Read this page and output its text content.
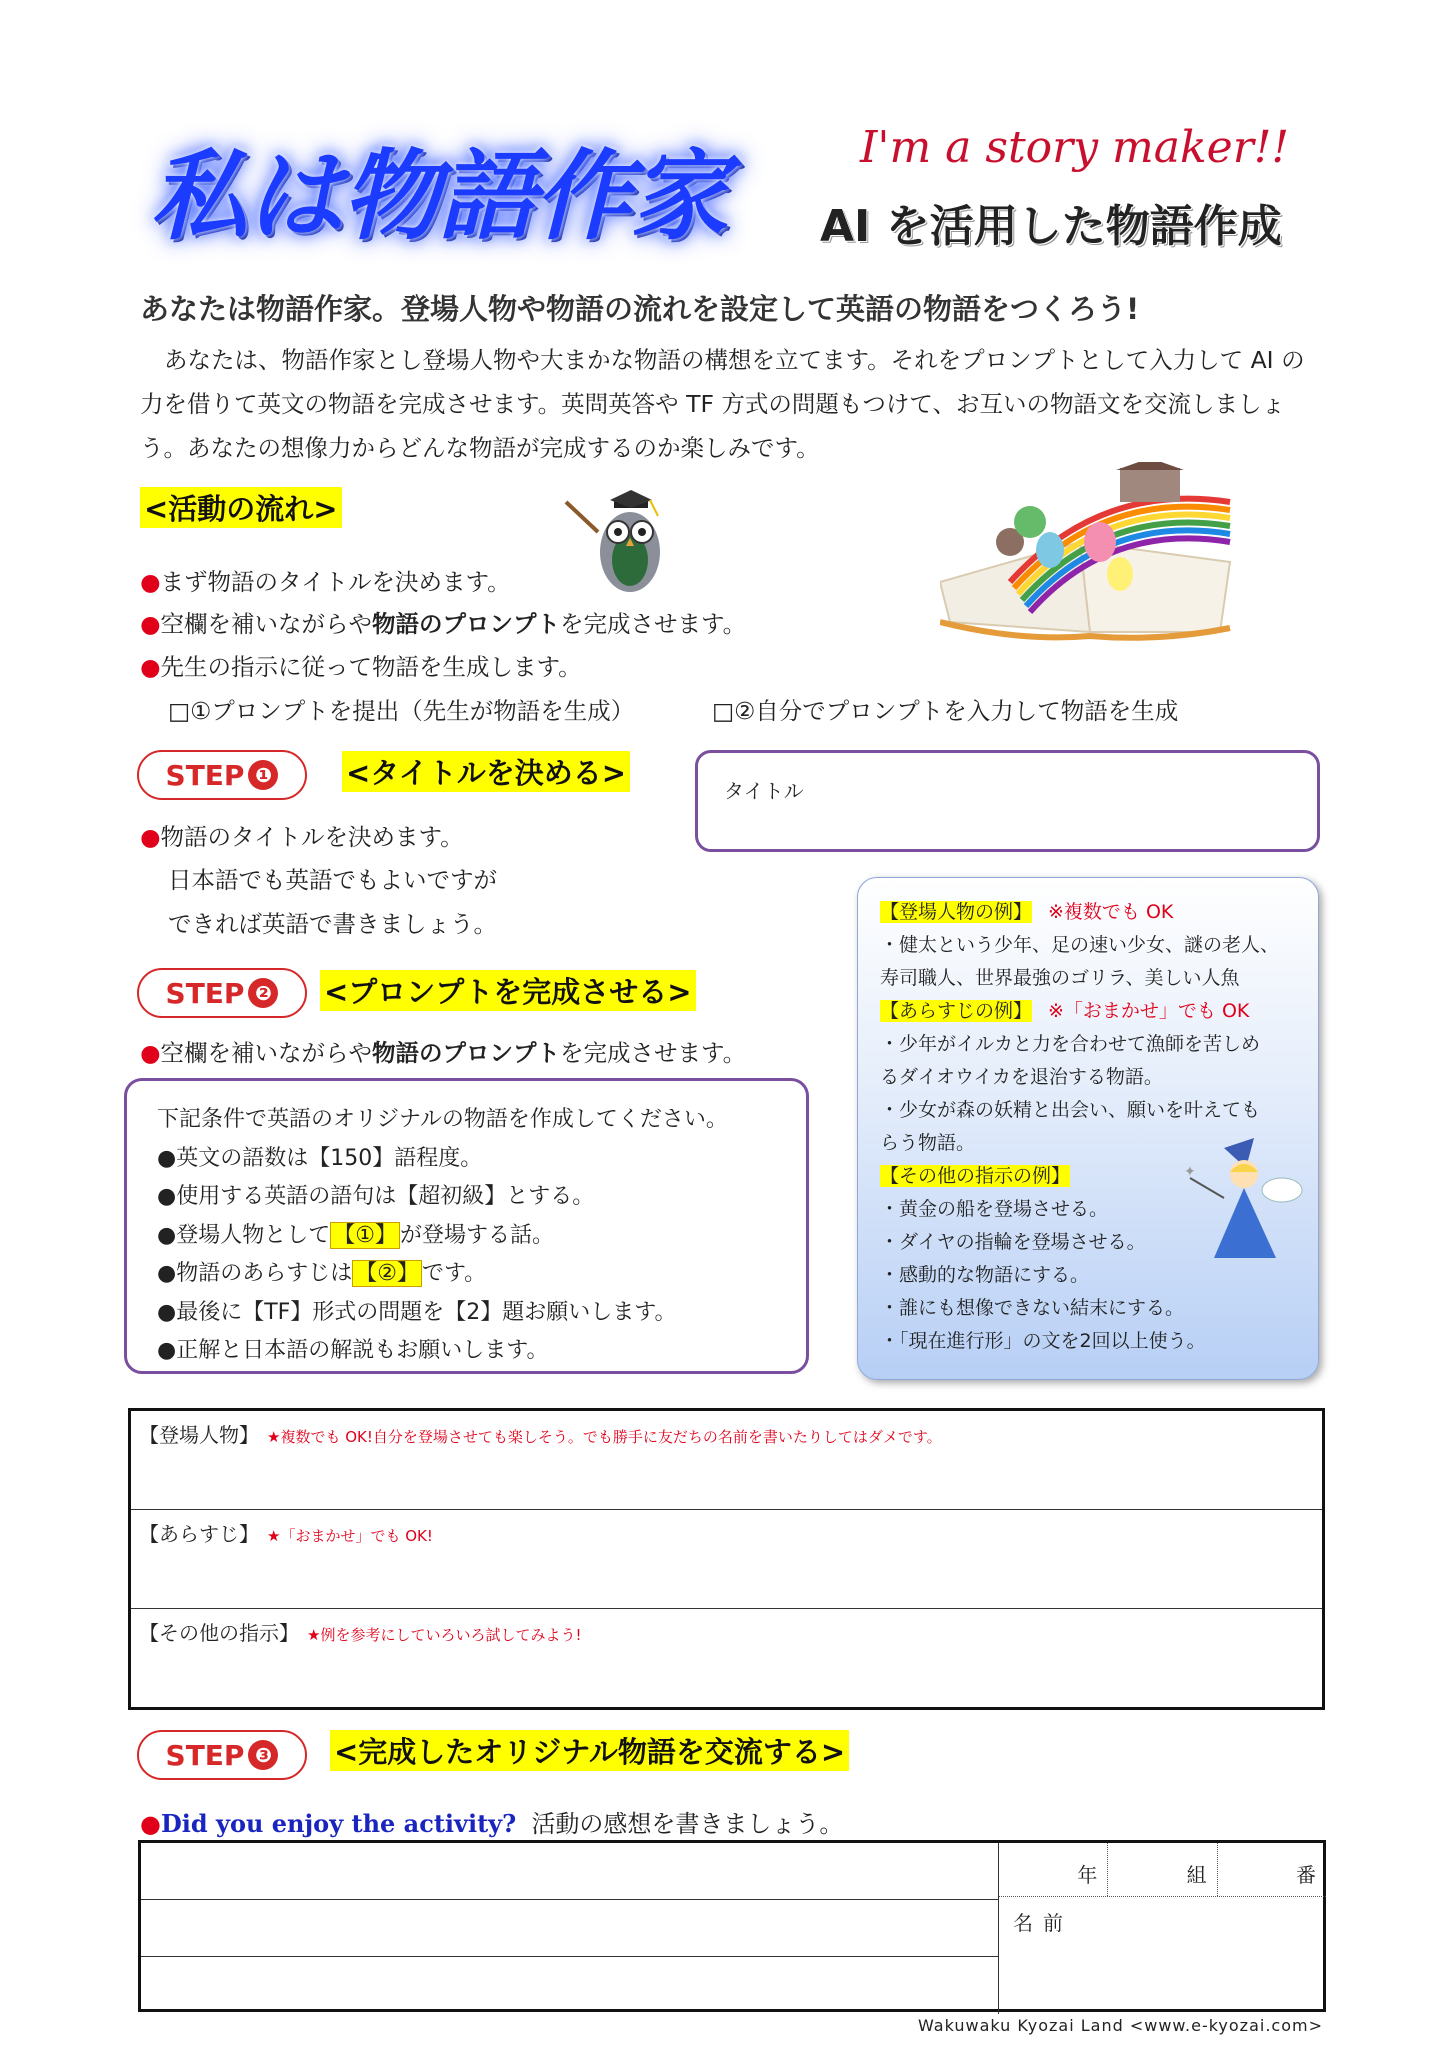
私は物語作家	I'm a story maker!!
AI を活用した物語作成
あなたは物語作家。登場人物や物語の流れを設定して英語の物語をつくろう!
あなたは、物語作家とし登場人物や大まかな物語の構想を立てます。それをプロンプトとして入力して AI の力を借りて英文の物語を完成させます。英問英答や TF 方式の問題もつけて、お互いの物語文を交流しましょう。あなたの想像力からどんな物語が完成するのか楽しみです。
<活動の流れ>
●まず物語のタイトルを決めます。
●空欄を補いながらや物語のプロンプトを完成させます。
●先生の指示に従って物語を生成します。
□①プロンプトを提出（先生が物語を生成）	□②自分でプロンプトを入力して物語を生成
STEP ❶	<タイトルを決める>
●物語のタイトルを決めます。
日本語でも英語でもよいですが
できれば英語で書きましょう。
タイトル
STEP ❷ <プロンプトを完成させる>
●空欄を補いながらや物語のプロンプトを完成させます。
下記条件で英語のオリジナルの物語を作成してください。
●英文の語数は【150】語程度。
●使用する英語の語句は【超初級】とする。
●登場人物として 【①】 が登場する話。
●物語のあらすじは 【②】 です。
●最後に【TF】形式の問題を【2】題お願いします。
●正解と日本語の解説もお願いします。
【登場人物の例】 ※複数でも OK
・健太という少年、足の速い少女、謎の老人、
寿司職人、世界最強のゴリラ、美しい人魚
【あらすじの例】 ※「おまかせ」でも OK
・少年がイルカと力を合わせて漁師を苦しめ
るダイオウイカを退治する物語。
・少女が森の妖精と出会い、願いを叶えても
らう物語。
【その他の指示の例】
・黄金の船を登場させる。
・ダイヤの指輪を登場させる。
・感動的な物語にする。
・誰にも想像できない結末にする。
・「現在進行形」の文を2回以上使う。
✦
【登場人物】 ★複数でも OK!自分を登場させても楽しそう。でも勝手に友だちの名前を書いたりしてはダメです。
【あらすじ】 ★「おまかせ」でも OK!
【その他の指示】 ★例を参考にしていろいろ試してみよう!
STEP ❸ <完成したオリジナル物語を交流する>
●Did you enjoy the activity? 活動の感想を書きましょう。
年	組	番
名前
Wakuwaku Kyozai Land <www.e-kyozai.com>
